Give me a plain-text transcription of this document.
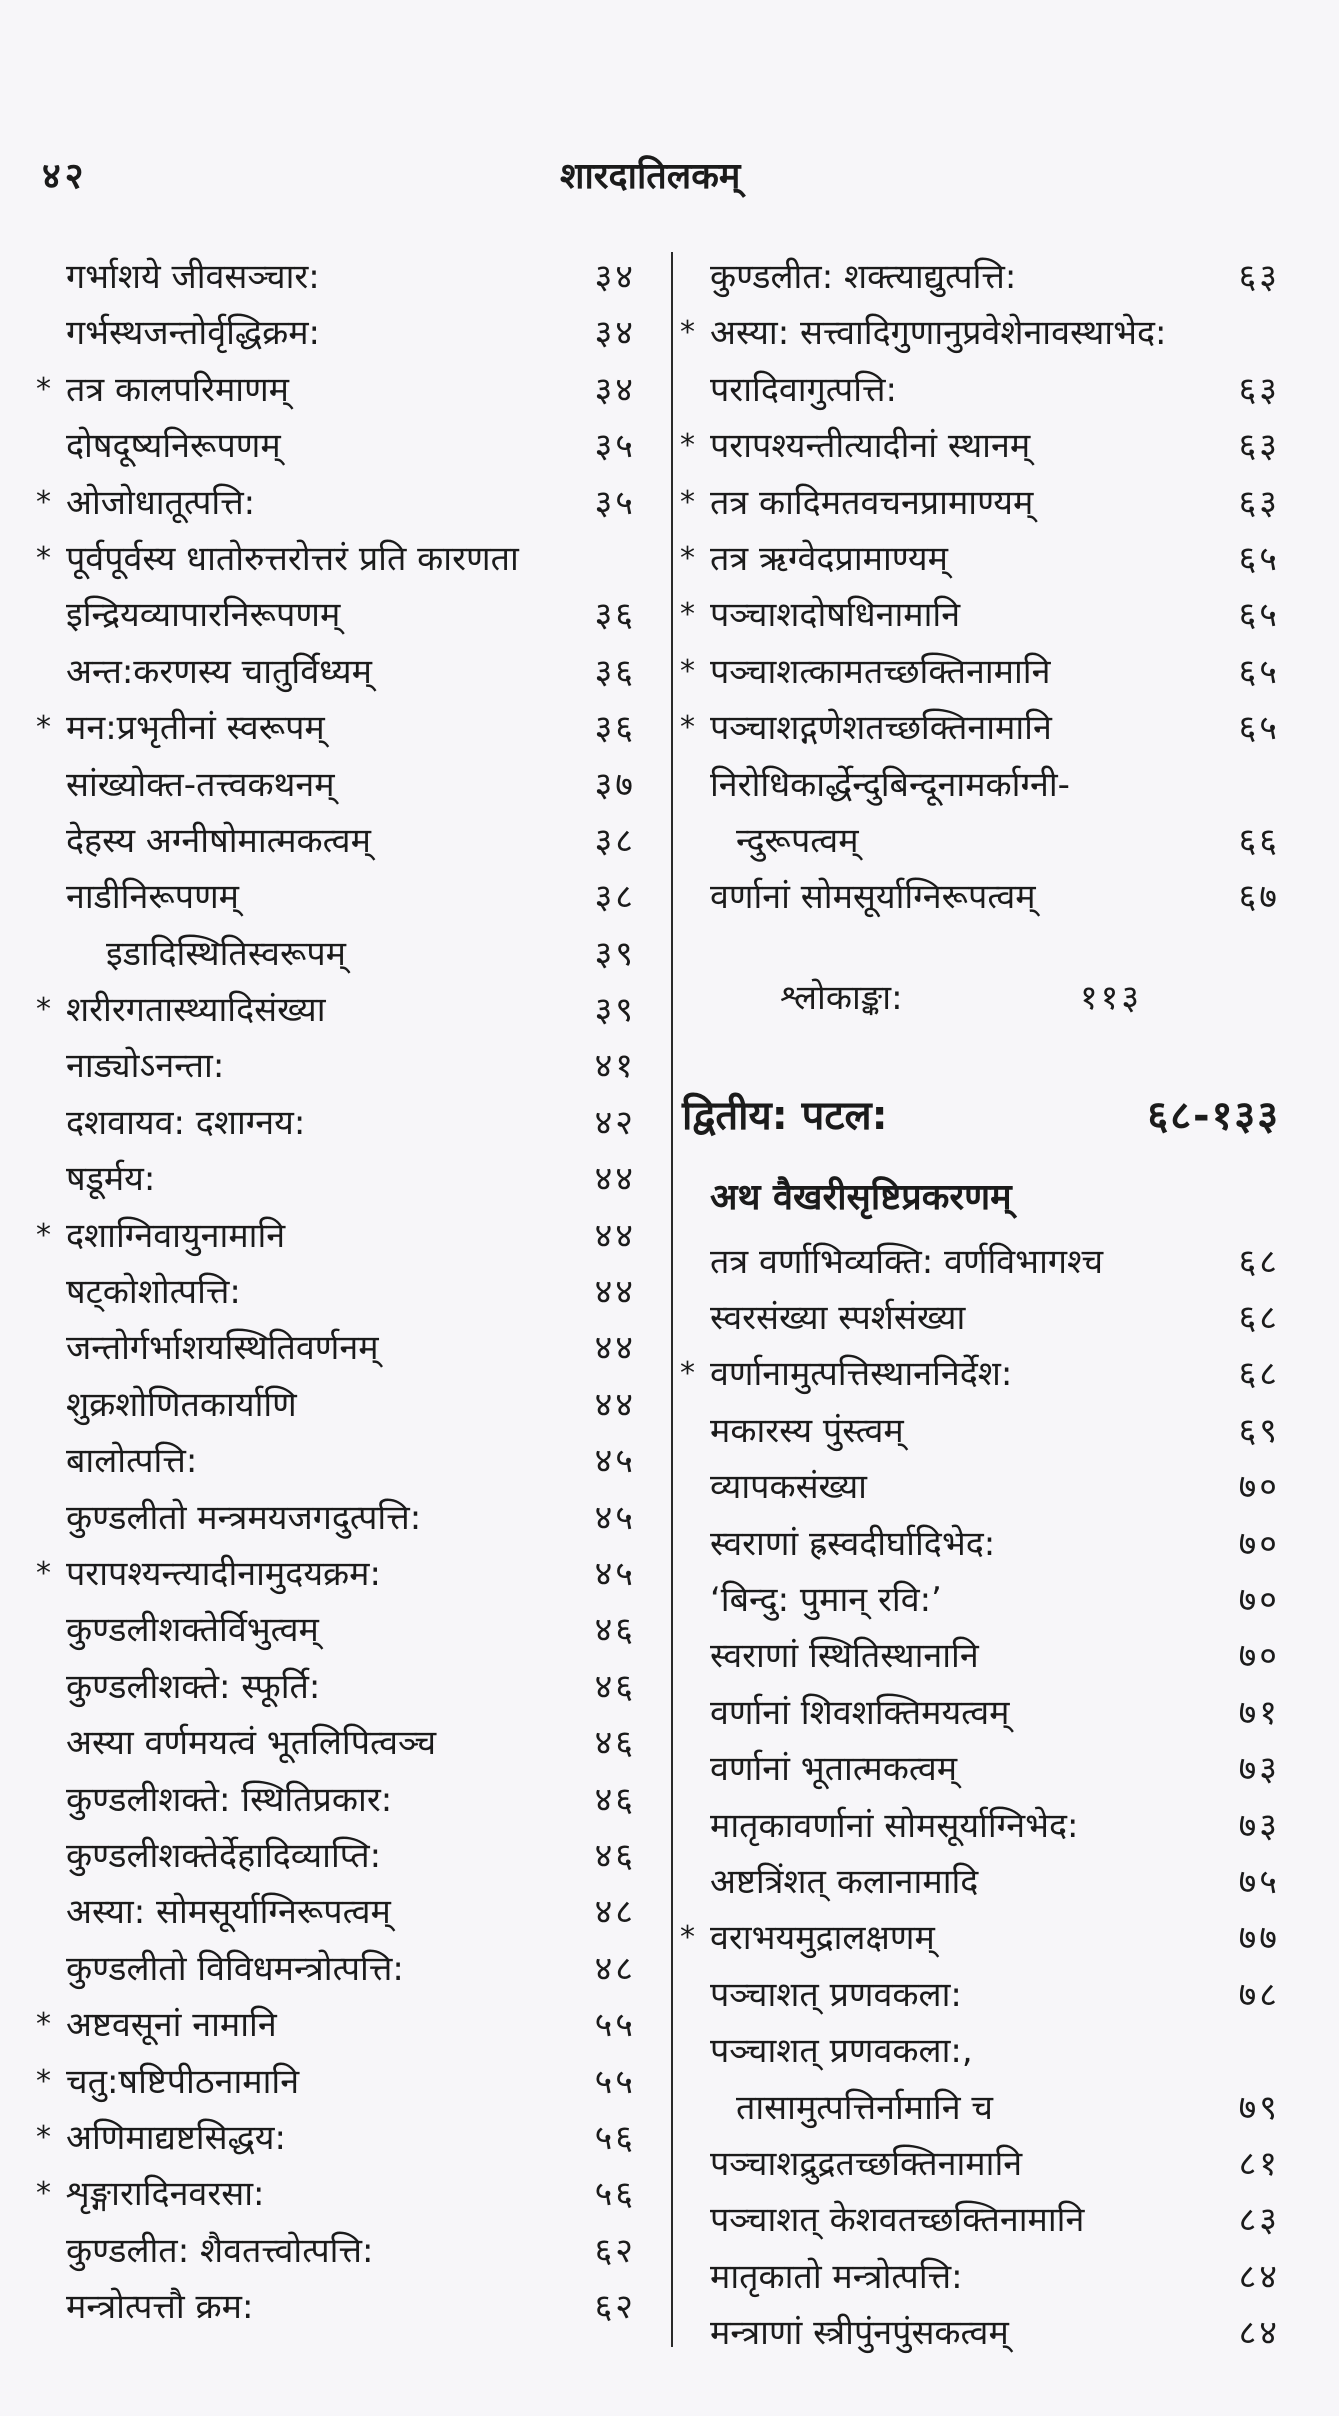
४२	शारदातिलकम्
गर्भाशये जीवसञ्चार:	३४
गर्भस्थजन्तोर्वृद्धिक्रम:	३४
* तत्र कालपरिमाणम्	३४
दोषदूष्यनिरूपणम्	३५
* ओजोधातूत्पत्ति:	३५
* पूर्वपूर्वस्य धातोरुत्तरोत्तरं प्रति कारणता
इन्द्रियव्यापारनिरूपणम्	३६
अन्त:करणस्य चातुर्विध्यम्	३६
* मन:प्रभृतीनां स्वरूपम्	३६
सांख्योक्त-तत्त्वकथनम्	३७
देहस्य अग्नीषोमात्मकत्वम्	३८
नाडीनिरूपणम्	३८
इडादिस्थितिस्वरूपम्	३९
* शरीरगतास्थ्यादिसंख्या	३९
नाड्योऽनन्ता:	४१
दशवायव: दशाग्नय:	४२
षडूर्मय:	४४
* दशाग्निवायुनामानि	४४
षट्कोशोत्पत्ति:	४४
जन्तोर्गर्भाशयस्थितिवर्णनम्	४४
शुक्रशोणितकार्याणि	४४
बालोत्पत्ति:	४५
कुण्डलीतो मन्त्रमयजगदुत्पत्ति:	४५
* परापश्यन्त्यादीनामुदयक्रम:	४५
कुण्डलीशक्तेर्विभुत्वम्	४६
कुण्डलीशक्ते: स्फूर्ति:	४६
अस्या वर्णमयत्वं भूतलिपित्वञ्च	४६
कुण्डलीशक्ते: स्थितिप्रकार:	४६
कुण्डलीशक्तेर्देहादिव्याप्ति:	४६
अस्या: सोमसूर्याग्निरूपत्वम्	४८
कुण्डलीतो विविधमन्त्रोत्पत्ति:	४८
* अष्टवसूनां नामानि	५५
* चतु:षष्टिपीठनामानि	५५
* अणिमाद्यष्टसिद्धय:	५६
* शृङ्गारादिनवरसा:	५६
कुण्डलीत: शैवतत्त्वोत्पत्ति:	६२
मन्त्रोत्पत्तौ क्रम:	६२
कुण्डलीत: शक्त्याद्युत्पत्ति:	६३
* अस्या: सत्त्वादिगुणानुप्रवेशेनावस्थाभेद:
परादिवागुत्पत्ति:	६३
* परापश्यन्तीत्यादीनां स्थानम्	६३
* तत्र कादिमतवचनप्रामाण्यम्	६३
* तत्र ऋग्वेदप्रामाण्यम्	६५
* पञ्चाशदोषधिनामानि	६५
* पञ्चाशत्कामतच्छक्तिनामानि	६५
* पञ्चाशद्गणेशतच्छक्तिनामानि	६५
निरोधिकार्द्धेन्दुबिन्दूनामर्काग्नी-
न्दुरूपत्वम्	६६
वर्णानां सोमसूर्याग्निरूपत्वम्	६७
श्लोकाङ्का:	११३
द्वितीय: पटल:	६८-१३३
अथ वैखरीसृष्टिप्रकरणम्
तत्र वर्णाभिव्यक्ति: वर्णविभागश्च	६८
स्वरसंख्या स्पर्शसंख्या	६८
* वर्णानामुत्पत्तिस्थाननिर्देश:	६८
मकारस्य पुंस्त्वम्	६९
व्यापकसंख्या	७०
स्वराणां ह्रस्वदीर्घादिभेद:	७०
‘बिन्दु: पुमान् रवि:’	७०
स्वराणां स्थितिस्थानानि	७०
वर्णानां शिवशक्तिमयत्वम्	७१
वर्णानां भूतात्मकत्वम्	७३
मातृकावर्णानां सोमसूर्याग्निभेद:	७३
अष्टत्रिंशत् कलानामादि	७५
* वराभयमुद्रालक्षणम्	७७
पञ्चाशत् प्रणवकला:	७८
पञ्चाशत् प्रणवकला:,
तासामुत्पत्तिर्नामानि च	७९
पञ्चाशद्रुद्रतच्छक्तिनामानि	८१
पञ्चाशत् केशवतच्छक्तिनामानि	८३
मातृकातो मन्त्रोत्पत्ति:	८४
मन्त्राणां स्त्रीपुंनपुंसकत्वम्	८४
